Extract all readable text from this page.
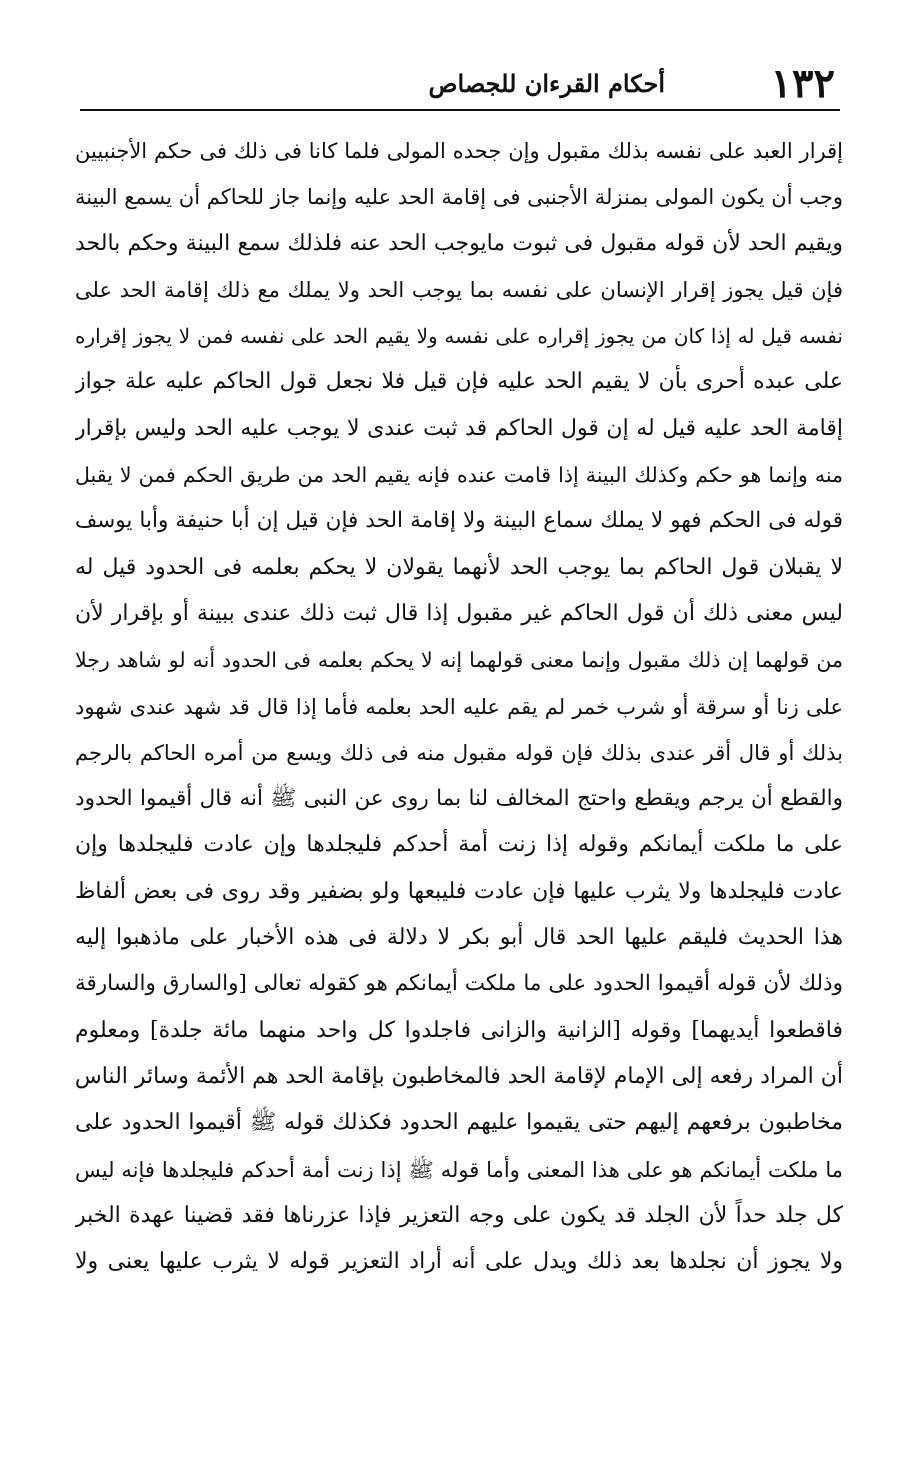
١٣٢
أحكام القرءان للجصاص
إقرار العبد على نفسه بذلك مقبول وإن جحده المولى فلما كانا فى ذلك فى حكم الأجنبيين
وجب أن يكون المولى بمنزلة الأجنبى فى إقامة الحد عليه وإنما جاز للحاكم أن يسمع البينة
ويقيم الحد لأن قوله مقبول فى ثبوت مايوجب الحد عنه فلذلك سمع البينة وحكم بالحد
فإن قيل يجوز إقرار الإنسان على نفسه بما يوجب الحد ولا يملك مع ذلك إقامة الحد على
نفسه قيل له إذا كان من يجوز إقراره على نفسه ولا يقيم الحد على نفسه فمن لا يجوز إقراره
على عبده أحرى بأن لا يقيم الحد عليه فإن قيل فلا نجعل قول الحاكم عليه علة جواز
إقامة الحد عليه قيل له إن قول الحاكم قد ثبت عندى لا يوجب عليه الحد وليس بإقرار
منه وإنما هو حكم وكذلك البينة إذا قامت عنده فإنه يقيم الحد من طريق الحكم فمن لا يقبل
قوله فى الحكم فهو لا يملك سماع البينة ولا إقامة الحد فإن قيل إن أبا حنيفة وأبا يوسف
لا يقبلان قول الحاكم بما يوجب الحد لأنهما يقولان لا يحكم بعلمه فى الحدود قيل له
ليس معنى ذلك أن قول الحاكم غير مقبول إذا قال ثبت ذلك عندى ببينة أو بإقرار لأن
من قولهما إن ذلك مقبول وإنما معنى قولهما إنه لا يحكم بعلمه فى الحدود أنه لو شاهد رجلا
على زنا أو سرقة أو شرب خمر لم يقم عليه الحد بعلمه فأما إذا قال قد شهد عندى شهود
بذلك أو قال أقر عندى بذلك فإن قوله مقبول منه فى ذلك ويسع من أمره الحاكم بالرجم
والقطع أن يرجم ويقطع واحتج المخالف لنا بما روى عن النبى ﷺ أنه قال أقيموا الحدود
على ما ملكت أيمانكم وقوله إذا زنت أمة أحدكم فليجلدها وإن عادت فليجلدها وإن
عادت فليجلدها ولا يثرب عليها فإن عادت فليبعها ولو بضفير وقد روى فى بعض ألفاظ
هذا الحديث فليقم عليها الحد قال أبو بكر لا دلالة فى هذه الأخبار على ماذهبوا إليه
وذلك لأن قوله أقيموا الحدود على ما ملكت أيمانكم هو كقوله تعالى [والسارق والسارقة
فاقطعوا أيديهما] وقوله [الزانية والزانى فاجلدوا كل واحد منهما مائة جلدة] ومعلوم
أن المراد رفعه إلى الإمام لإقامة الحد فالمخاطبون بإقامة الحد هم الأئمة وسائر الناس
مخاطبون برفعهم إليهم حتى يقيموا عليهم الحدود فكذلك قوله ﷺ أقيموا الحدود على
ما ملكت أيمانكم هو على هذا المعنى وأما قوله ﷺ إذا زنت أمة أحدكم فليجلدها فإنه ليس
كل جلد حداً لأن الجلد قد يكون على وجه التعزير فإذا عزرناها فقد قضينا عهدة الخبر
ولا يجوز أن نجلدها بعد ذلك ويدل على أنه أراد التعزير قوله لا يثرب عليها يعنى ولا
